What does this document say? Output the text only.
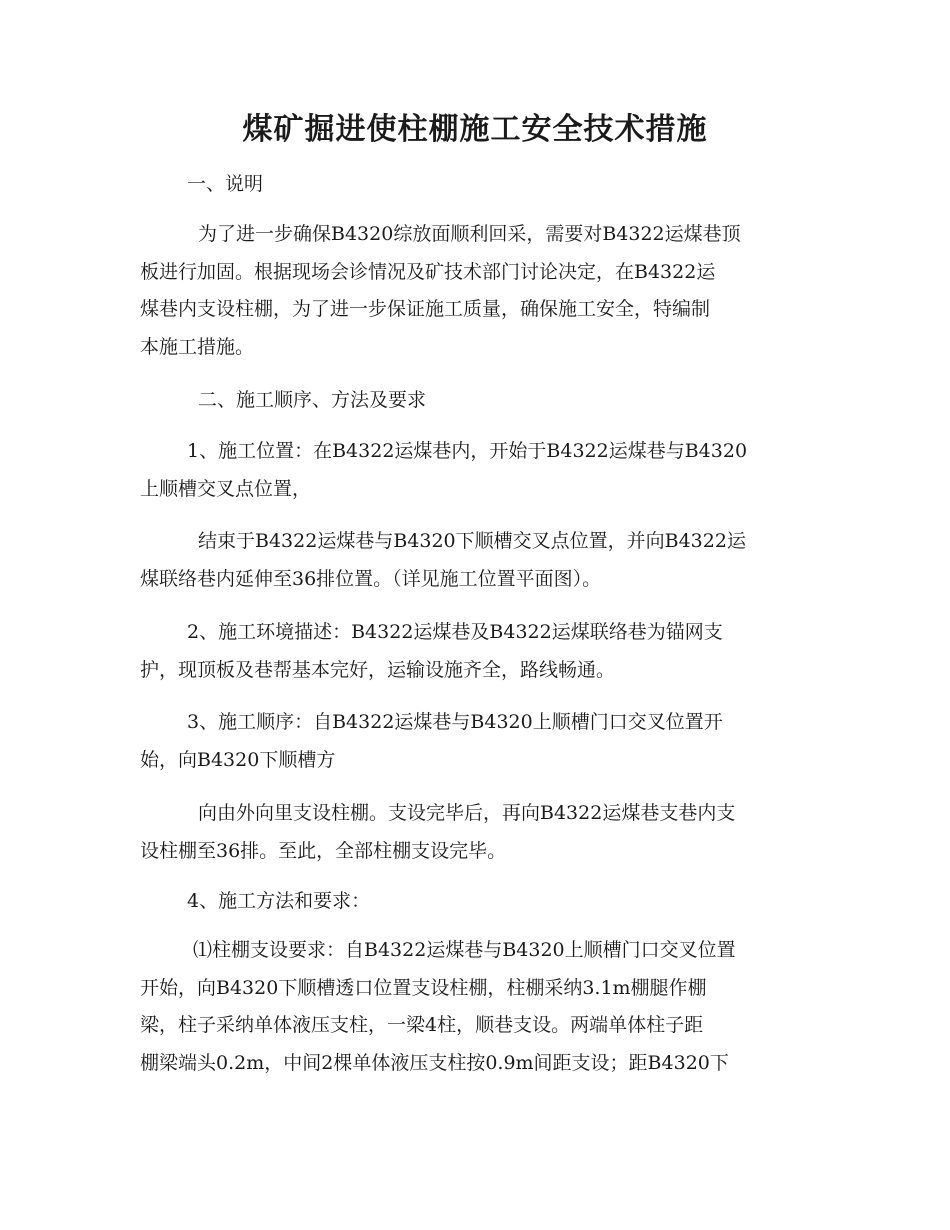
煤矿掘进使柱棚施工安全技术措施

一、说明

为了进一步确保B4320综放面顺利回采，需要对B4322运煤巷顶
板进行加固。根据现场会诊情况及矿技术部门讨论决定，在B4322运
煤巷内支设柱棚，为了进一步保证施工质量，确保施工安全，特编制
本施工措施。

二、施工顺序、方法及要求

1、施工位置：在B4322运煤巷内，开始于B4322运煤巷与B4320
上顺槽交叉点位置，
结束于B4322运煤巷与B4320下顺槽交叉点位置，并向B4322运
煤联络巷内延伸至36排位置。（详见施工位置平面图）。
2、施工环境描述：B4322运煤巷及B4322运煤联络巷为锚网支
护，现顶板及巷帮基本完好，运输设施齐全，路线畅通。
3、施工顺序：自B4322运煤巷与B4320上顺槽门口交叉位置开
始，向B4320下顺槽方
向由外向里支设柱棚。支设完毕后，再向B4322运煤巷支巷内支
设柱棚至36排。至此，全部柱棚支设完毕。

4、施工方法和要求：

⑴柱棚支设要求：自B4322运煤巷与B4320上顺槽门口交叉位置
开始，向B4320下顺槽透口位置支设柱棚，柱棚采纳3.1m棚腿作棚
梁，柱子采纳单体液压支柱，一梁4柱，顺巷支设。两端单体柱子距
棚梁端头0.2m，中间2棵单体液压支柱按0.9m间距支设；距B4320下
